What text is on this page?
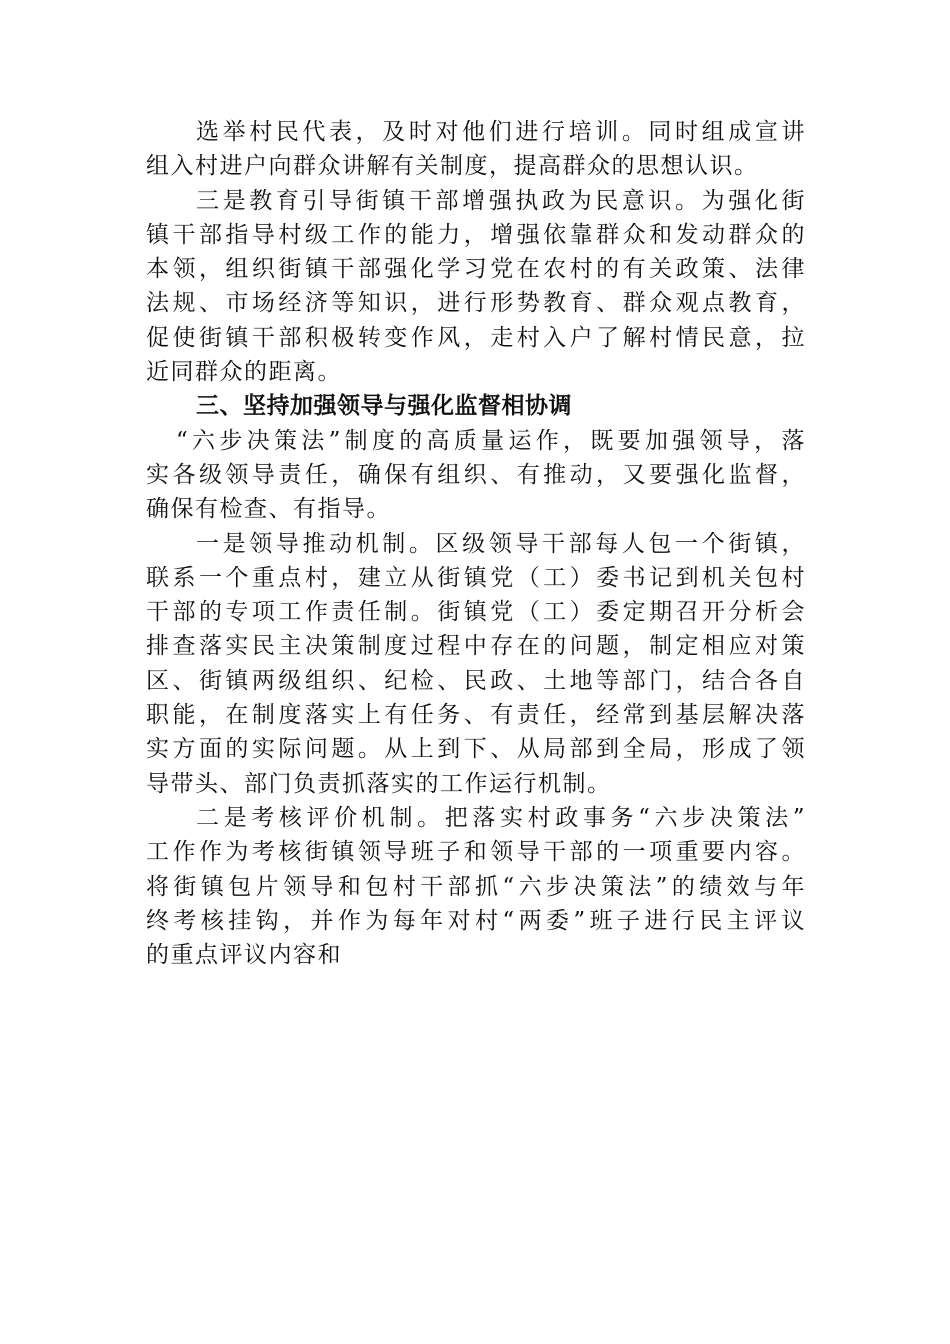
选举村民代表，及时对他们进行培训。同时组成宣讲
组入村进户向群众讲解有关制度，提高群众的思想认识。
三是教育引导街镇干部增强执政为民意识。为强化街
镇干部指导村级工作的能力，增强依靠群众和发动群众的
本领，组织街镇干部强化学习党在农村的有关政策、法律
法规、市场经济等知识，进行形势教育、群众观点教育，
促使街镇干部积极转变作风，走村入户了解村情民意，拉
近同群众的距离。
三、坚持加强领导与强化监督相协调
“六步决策法”制度的高质量运作，既要加强领导，落
实各级领导责任，确保有组织、有推动，又要强化监督，
确保有检查、有指导。
一是领导推动机制。区级领导干部每人包一个街镇，
联系一个重点村，建立从街镇党（工）委书记到机关包村
干部的专项工作责任制。街镇党（工）委定期召开分析会
排查落实民主决策制度过程中存在的问题，制定相应对策
区、街镇两级组织、纪检、民政、土地等部门，结合各自
职能，在制度落实上有任务、有责任，经常到基层解决落
实方面的实际问题。从上到下、从局部到全局，形成了领
导带头、部门负责抓落实的工作运行机制。
二是考核评价机制。把落实村政事务“六步决策法”
工作作为考核街镇领导班子和领导干部的一项重要内容。
将街镇包片领导和包村干部抓“六步决策法”的绩效与年
终考核挂钩，并作为每年对村“两委”班子进行民主评议
的重点评议内容和
